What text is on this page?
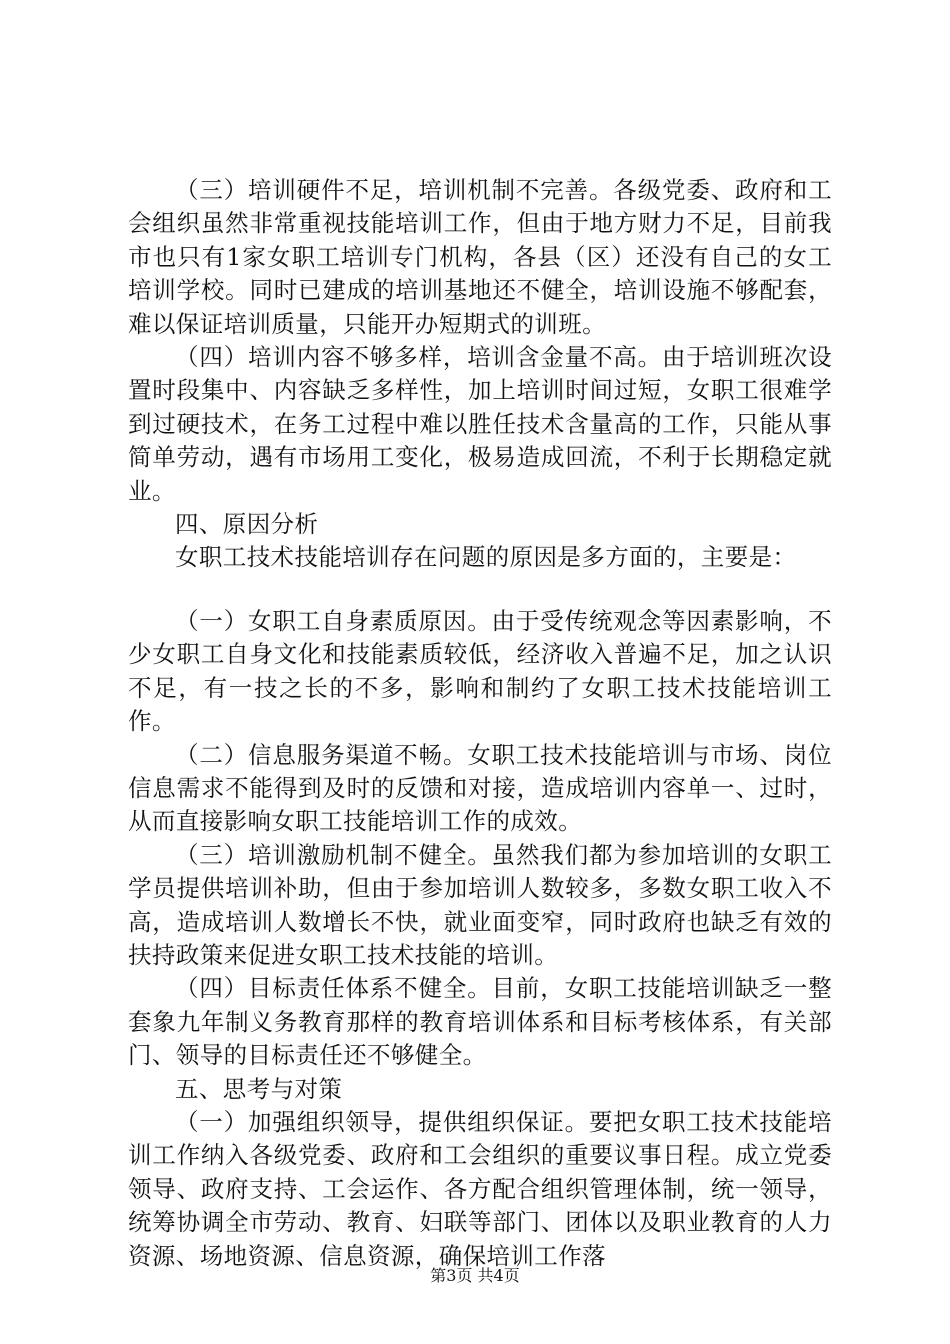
（三）培训硬件不足，培训机制不完善。各级党委、政府和工会组织虽然非常重视技能培训工作，但由于地方财力不足，目前我市也只有1家女职工培训专门机构，各县（区）还没有自己的女工培训学校。同时已建成的培训基地还不健全，培训设施不够配套，难以保证培训质量，只能开办短期式的训班。

（四）培训内容不够多样，培训含金量不高。由于培训班次设置时段集中、内容缺乏多样性，加上培训时间过短，女职工很难学到过硬技术，在务工过程中难以胜任技术含量高的工作，只能从事简单劳动，遇有市场用工变化，极易造成回流，不利于长期稳定就业。

四、原因分析

女职工技术技能培训存在问题的原因是多方面的，主要是：

（一）女职工自身素质原因。由于受传统观念等因素影响，不少女职工自身文化和技能素质较低，经济收入普遍不足，加之认识不足，有一技之长的不多，影响和制约了女职工技术技能培训工作。

（二）信息服务渠道不畅。女职工技术技能培训与市场、岗位信息需求不能得到及时的反馈和对接，造成培训内容单一、过时，从而直接影响女职工技能培训工作的成效。

（三）培训激励机制不健全。虽然我们都为参加培训的女职工学员提供培训补助，但由于参加培训人数较多，多数女职工收入不高，造成培训人数增长不快，就业面变窄，同时政府也缺乏有效的扶持政策来促进女职工技术技能的培训。

（四）目标责任体系不健全。目前，女职工技能培训缺乏一整套象九年制义务教育那样的教育培训体系和目标考核体系，有关部门、领导的目标责任还不够健全。

五、思考与对策

（一）加强组织领导，提供组织保证。要把女职工技术技能培训工作纳入各级党委、政府和工会组织的重要议事日程。成立党委领导、政府支持、工会运作、各方配合组织管理体制，统一领导，统筹协调全市劳动、教育、妇联等部门、团体以及职业教育的人力资源、场地资源、信息资源，确保培训工作落

第3页 共4页
